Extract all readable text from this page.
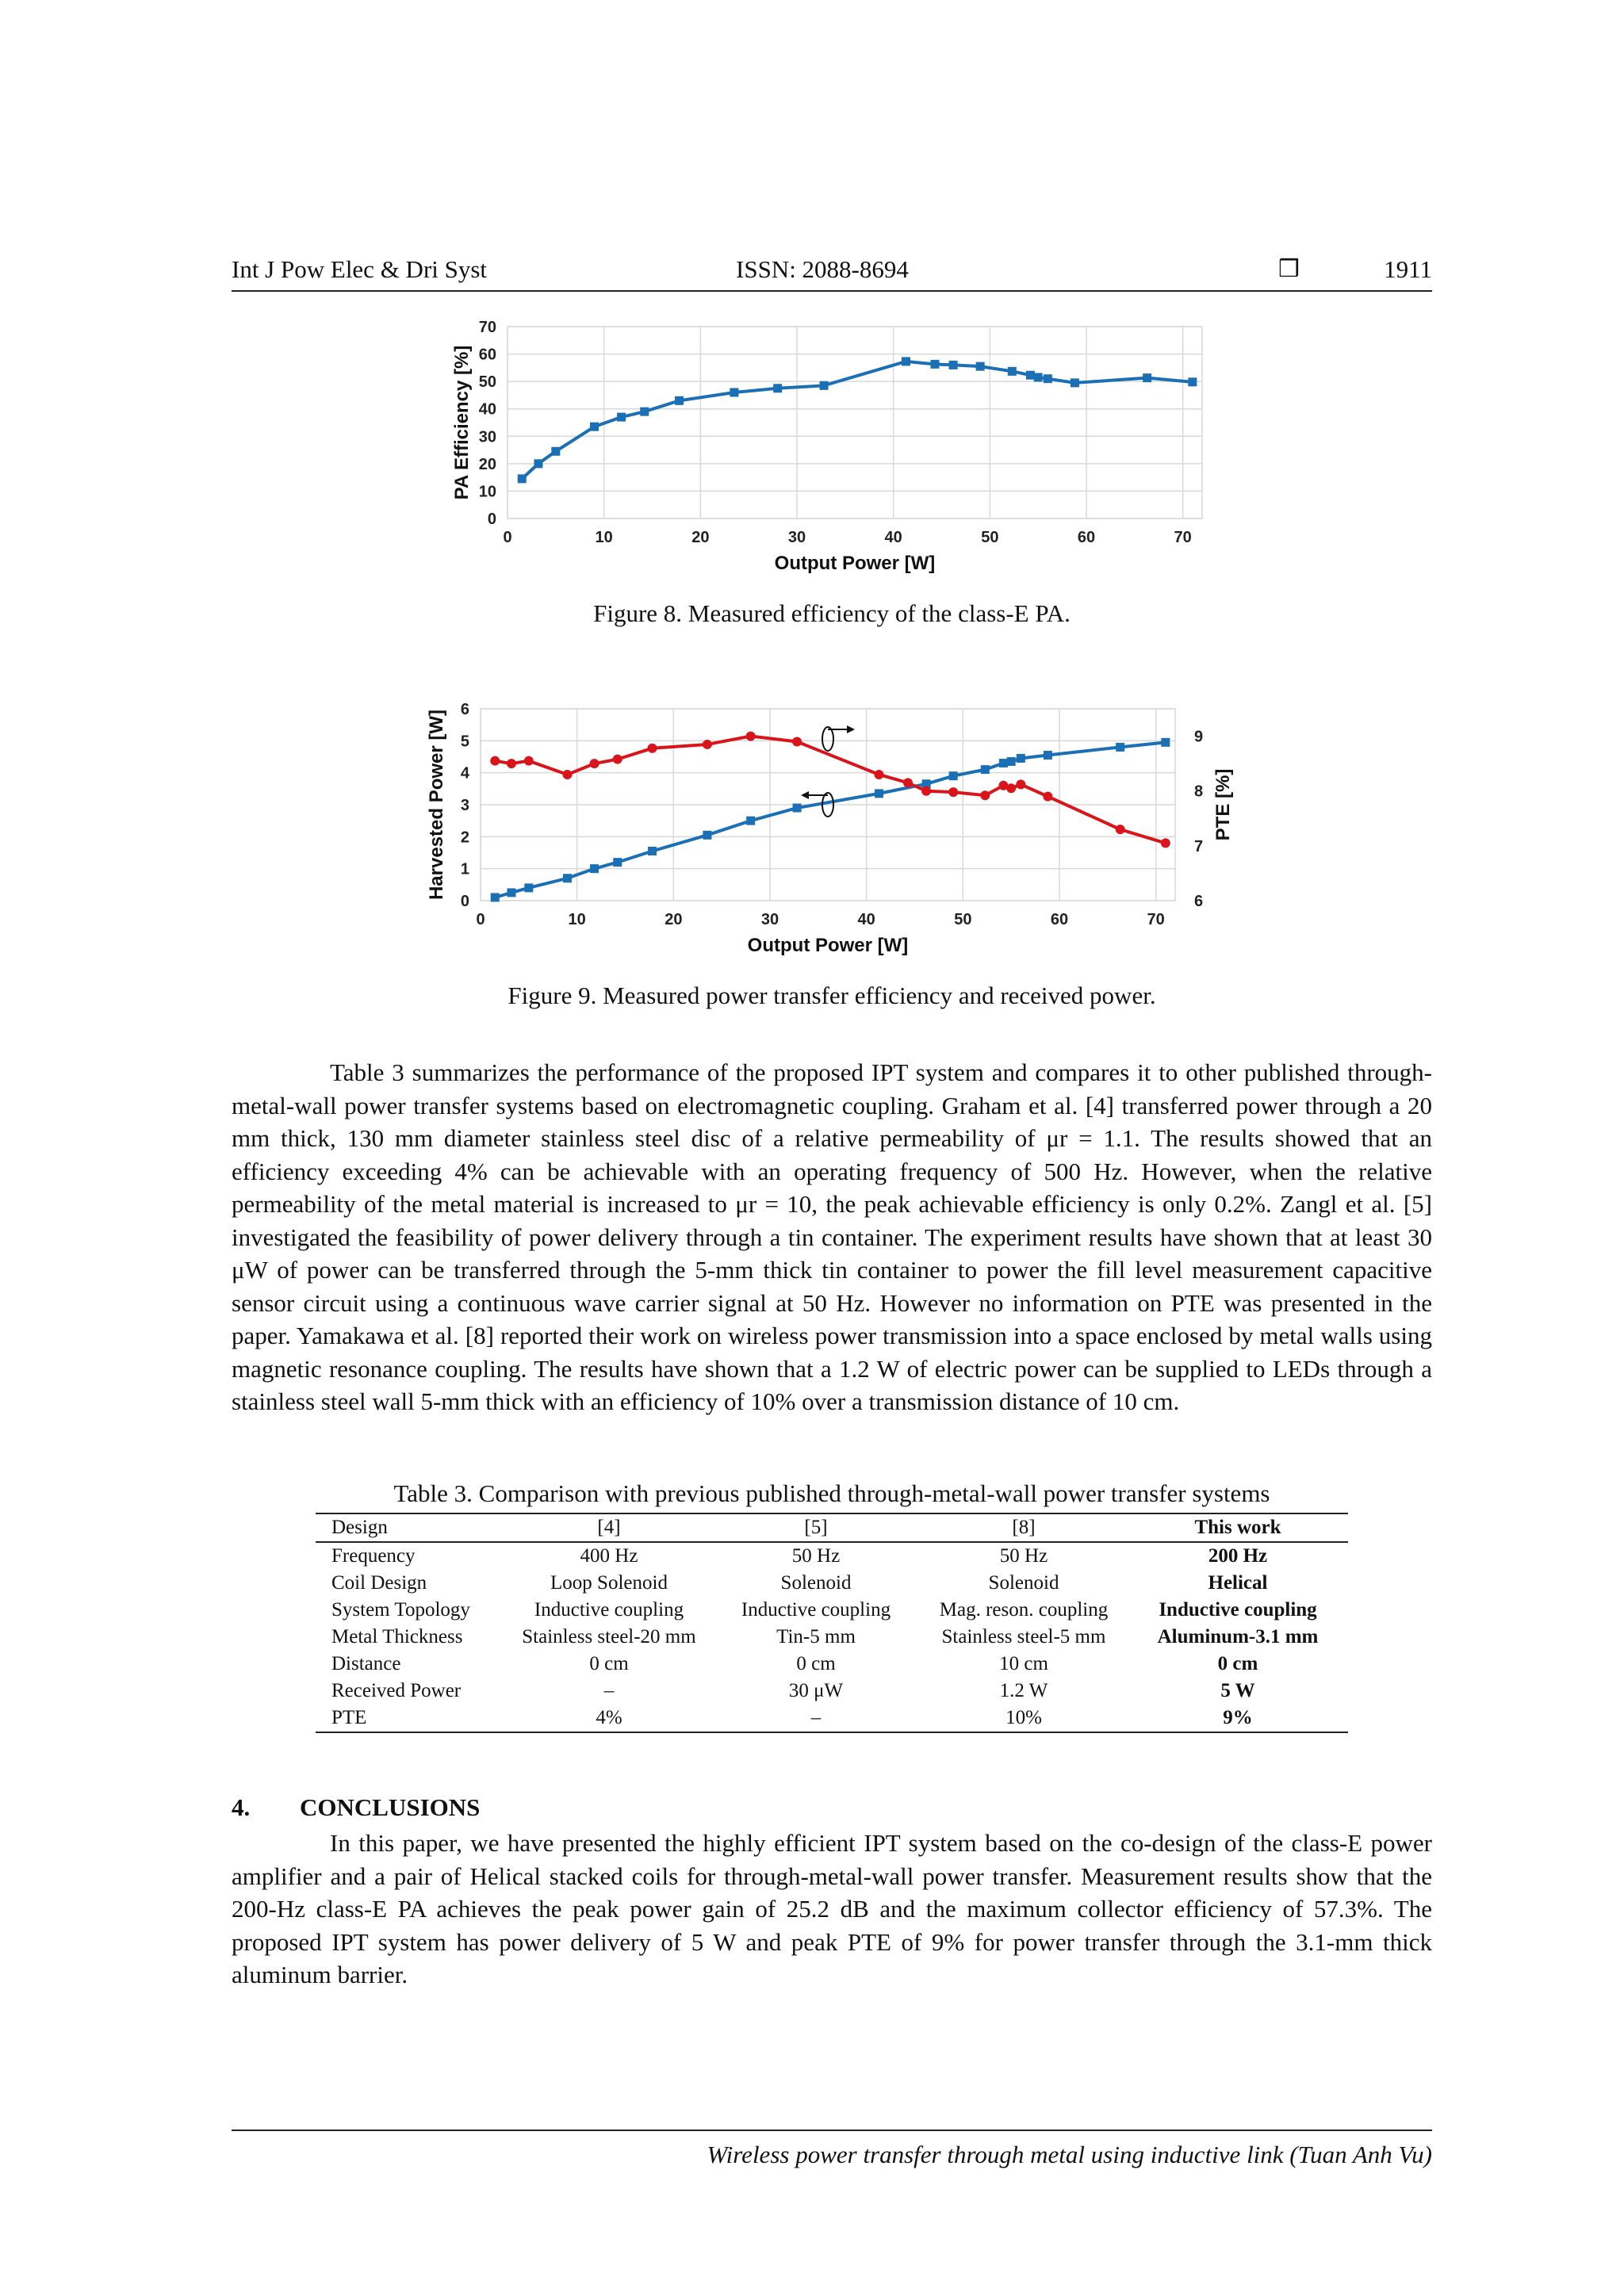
Int J Pow Elec & Dri Syst	ISSN: 2088-8694	❒	1911
0	10	20	30	40	50	60	70
0
10
20
30
40
50
60
70
Output Power [W]
PA Efficiency [%]
Figure 8. Measured efficiency of the class-E PA.
0	10	20	30	40	50	60	70
0
1
2
3
4
5
6
Output Power [W]
Harvested Power [W]
6
7
8
9
PTE [%]
Figure 9. Measured power transfer efficiency and received power.

Table 3 summarizes the performance of the proposed IPT system and compares it to other published through-metal-wall power transfer systems based on electromagnetic coupling. Graham et al. [4] transferred power through a 20 mm thick, 130 mm diameter stainless steel disc of a relative permeability of μr = 1.1. The results showed that an efficiency exceeding 4% can be achievable with an operating frequency of 500 Hz. However, when the relative permeability of the metal material is increased to μr = 10, the peak achievable efficiency is only 0.2%. Zangl et al. [5] investigated the feasibility of power delivery through a tin container. The experiment results have shown that at least 30 μW of power can be transferred through the 5-mm thick tin container to power the fill level measurement capacitive sensor circuit using a continuous wave carrier signal at 50 Hz. However no information on PTE was presented in the paper. Yamakawa et al. [8] reported their work on wireless power transmission into a space enclosed by metal walls using magnetic resonance coupling. The results have shown that a 1.2 W of electric power can be supplied to LEDs through a stainless steel wall 5-mm thick with an efficiency of 10% over a transmission distance of 10 cm.

Table 3. Comparison with previous published through-metal-wall power transfer systems
Design	[4]	[5]	[8]	This work
Frequency	400 Hz	50 Hz	50 Hz	200 Hz
Coil Design	Loop Solenoid	Solenoid	Solenoid	Helical
System Topology	Inductive coupling	Inductive coupling	Mag. reson. coupling	Inductive coupling
Metal Thickness	Stainless steel-20 mm	Tin-5 mm	Stainless steel-5 mm	Aluminum-3.1 mm
Distance	0 cm	0 cm	10 cm	0 cm
Received Power	–	30 μW	1.2 W	5 W
PTE	4%	–	10%	9%
4. CONCLUSIONS

In this paper, we have presented the highly efficient IPT system based on the co-design of the class-E power amplifier and a pair of Helical stacked coils for through-metal-wall power transfer. Measurement results show that the 200-Hz class-E PA achieves the peak power gain of 25.2 dB and the maximum collector efficiency of 57.3%. The proposed IPT system has power delivery of 5 W and peak PTE of 9% for power transfer through the 3.1-mm thick aluminum barrier.

Wireless power transfer through metal using inductive link (Tuan Anh Vu)
